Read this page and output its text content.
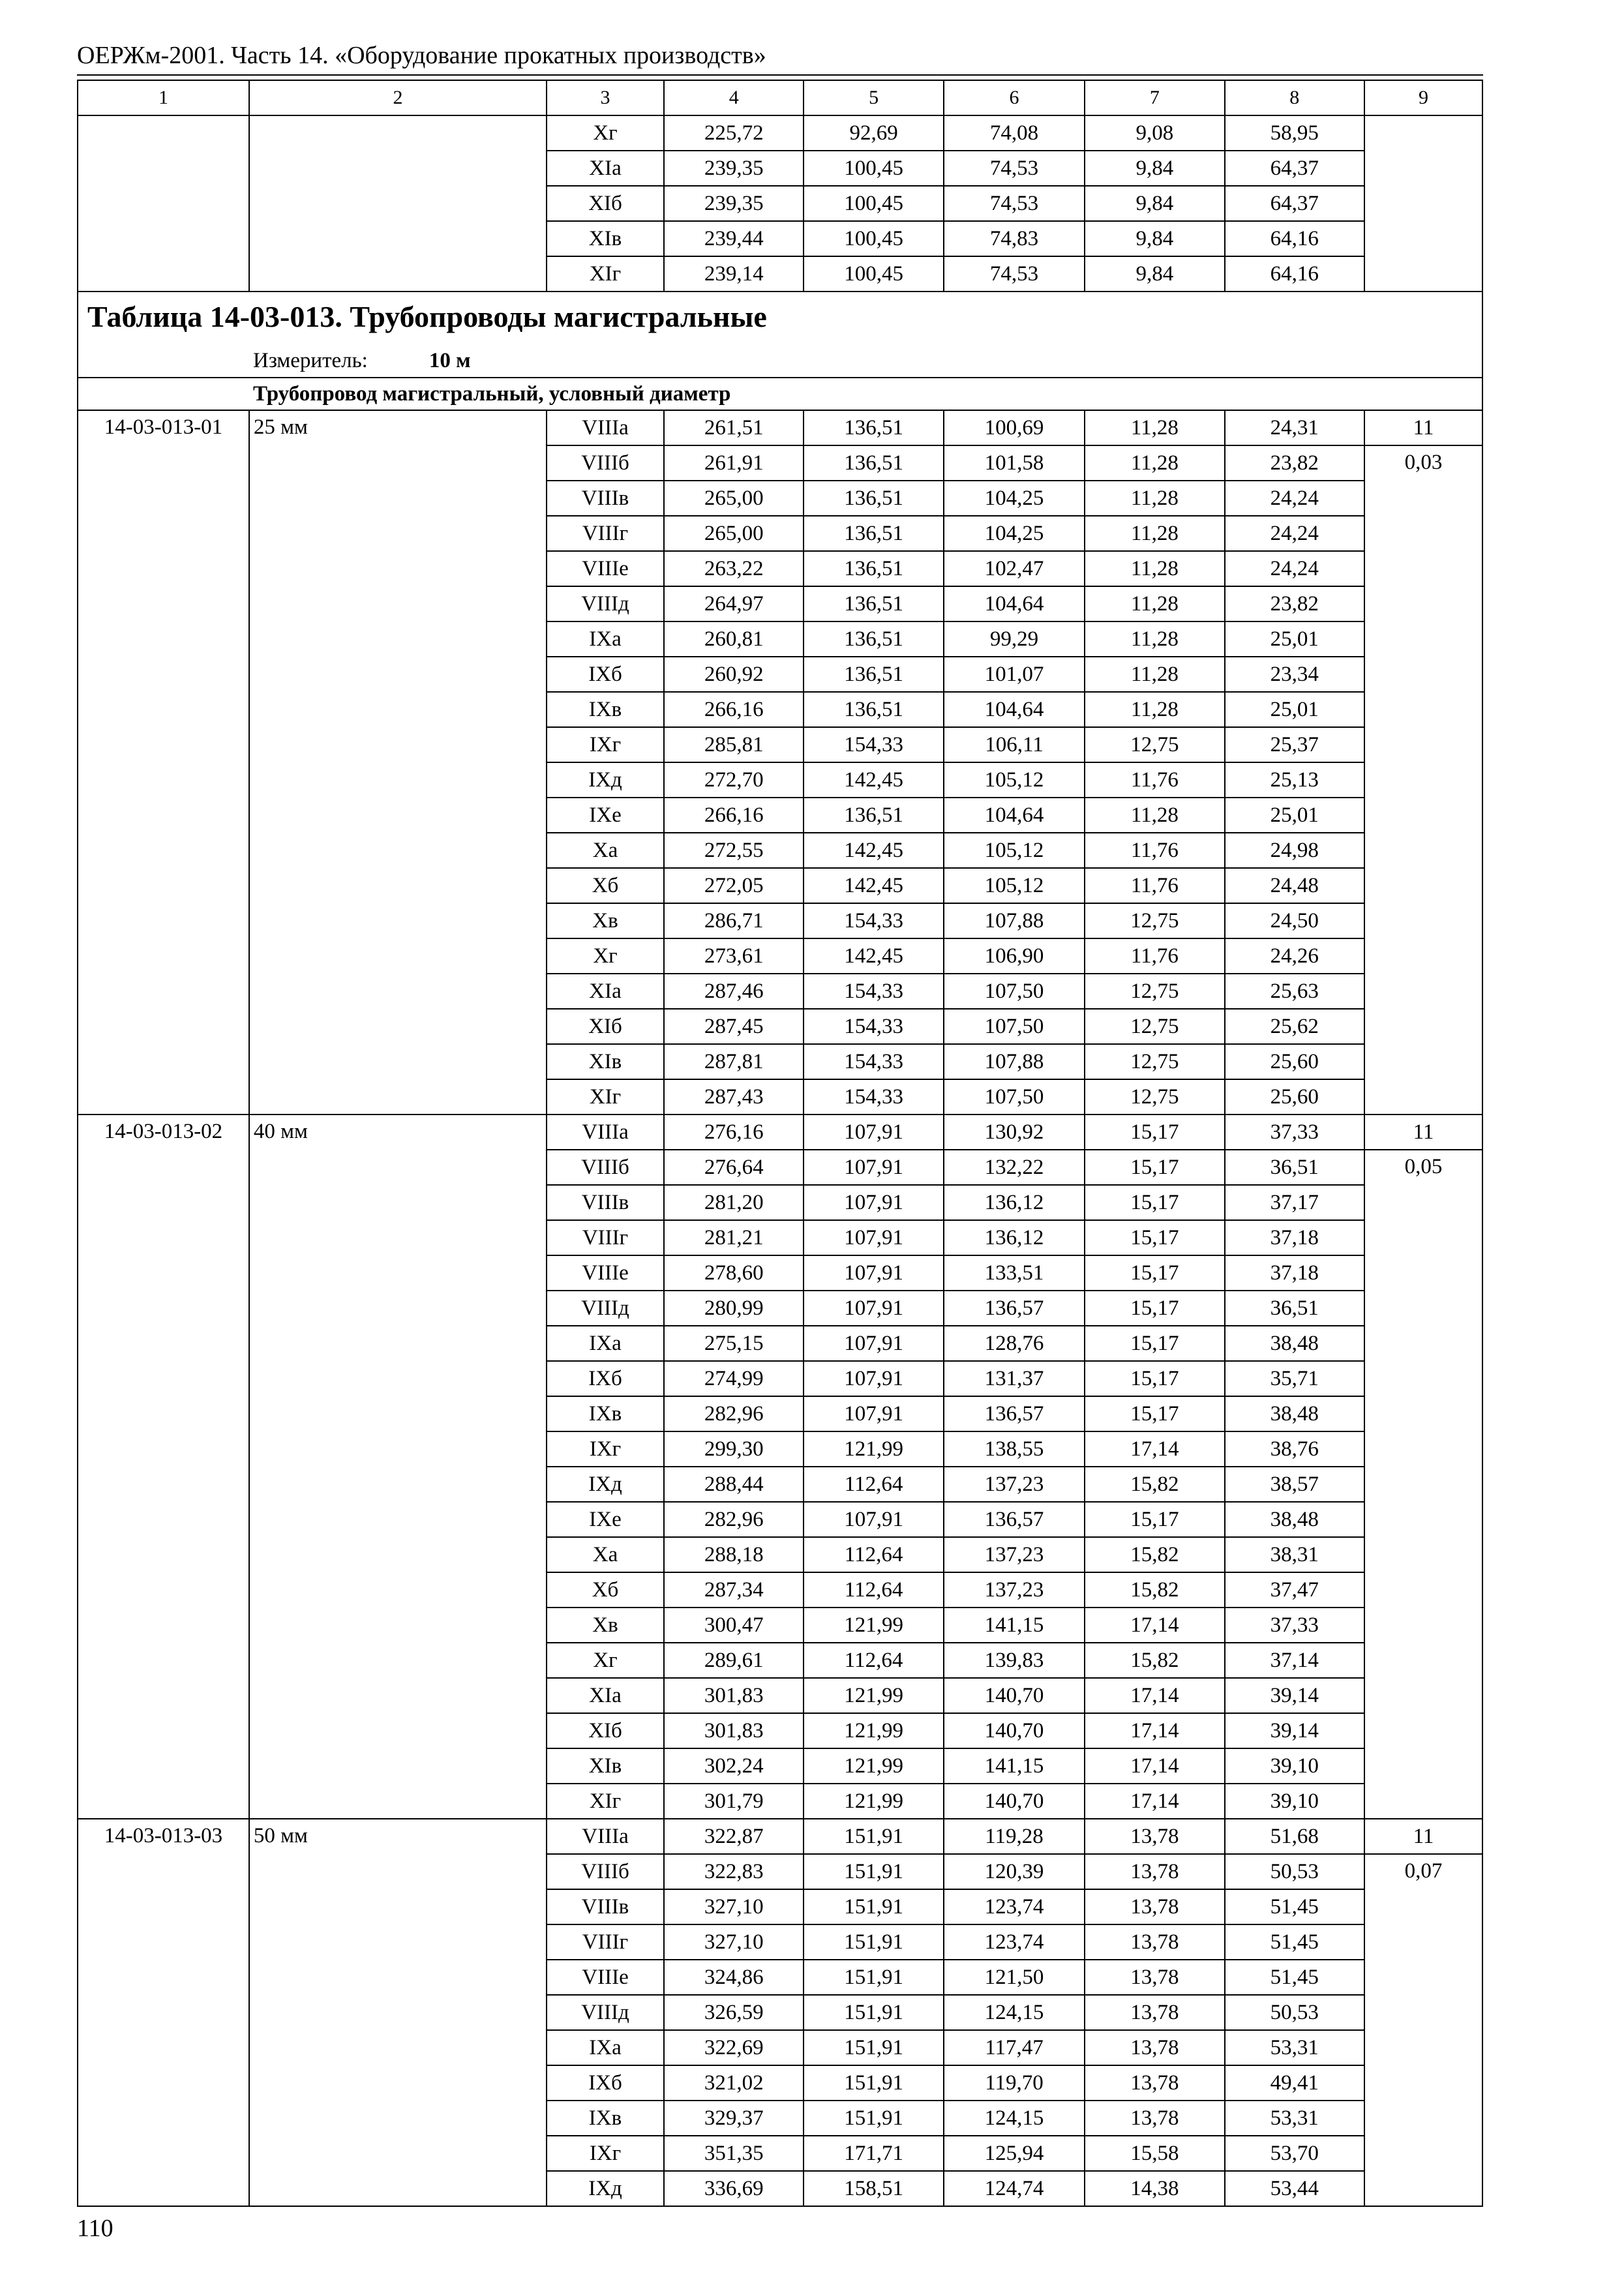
ОЕРЖм-2001. Часть 14. «Оборудование прокатных производств»
1	2	3	4	5	6	7	8	9
		Xг	225,72	92,69	74,08	9,08	58,95	
		XIa	239,35	100,45	74,53	9,84	64,37	
		XIб	239,35	100,45	74,53	9,84	64,37	
		XIв	239,44	100,45	74,83	9,84	64,16	
		XIг	239,14	100,45	74,53	9,84	64,16	
Таблица 14-03-013. Трубопроводы магистральные								
Измеритель: 10 м								
Трубопровод магистральный, условный диаметр								
14-03-013-01	25 мм	VIIIa	261,51	136,51	100,69	11,28	24,31	11
		VIIIб	261,91	136,51	101,58	11,28	23,82	0,03
		VIIIв	265,00	136,51	104,25	11,28	24,24	
		VIIIг	265,00	136,51	104,25	11,28	24,24	
		VIIIе	263,22	136,51	102,47	11,28	24,24	
		VIIIд	264,97	136,51	104,64	11,28	23,82	
		IXa	260,81	136,51	99,29	11,28	25,01	
		IXб	260,92	136,51	101,07	11,28	23,34	
		IXв	266,16	136,51	104,64	11,28	25,01	
		IXг	285,81	154,33	106,11	12,75	25,37	
		IXд	272,70	142,45	105,12	11,76	25,13	
		IXе	266,16	136,51	104,64	11,28	25,01	
		Xa	272,55	142,45	105,12	11,76	24,98	
		Xб	272,05	142,45	105,12	11,76	24,48	
		Xв	286,71	154,33	107,88	12,75	24,50	
		Xг	273,61	142,45	106,90	11,76	24,26	
		XIa	287,46	154,33	107,50	12,75	25,63	
		XIб	287,45	154,33	107,50	12,75	25,62	
		XIв	287,81	154,33	107,88	12,75	25,60	
		XIг	287,43	154,33	107,50	12,75	25,60	
14-03-013-02	40 мм	VIIIa	276,16	107,91	130,92	15,17	37,33	11
		VIIIб	276,64	107,91	132,22	15,17	36,51	0,05
		VIIIв	281,20	107,91	136,12	15,17	37,17	
		VIIIг	281,21	107,91	136,12	15,17	37,18	
		VIIIе	278,60	107,91	133,51	15,17	37,18	
		VIIIд	280,99	107,91	136,57	15,17	36,51	
		IXa	275,15	107,91	128,76	15,17	38,48	
		IXб	274,99	107,91	131,37	15,17	35,71	
		IXв	282,96	107,91	136,57	15,17	38,48	
		IXг	299,30	121,99	138,55	17,14	38,76	
		IXд	288,44	112,64	137,23	15,82	38,57	
		IXе	282,96	107,91	136,57	15,17	38,48	
		Xa	288,18	112,64	137,23	15,82	38,31	
		Xб	287,34	112,64	137,23	15,82	37,47	
		Xв	300,47	121,99	141,15	17,14	37,33	
		Xг	289,61	112,64	139,83	15,82	37,14	
		XIa	301,83	121,99	140,70	17,14	39,14	
		XIб	301,83	121,99	140,70	17,14	39,14	
		XIв	302,24	121,99	141,15	17,14	39,10	
		XIг	301,79	121,99	140,70	17,14	39,10	
14-03-013-03	50 мм	VIIIa	322,87	151,91	119,28	13,78	51,68	11
		VIIIб	322,83	151,91	120,39	13,78	50,53	0,07
		VIIIв	327,10	151,91	123,74	13,78	51,45	
		VIIIг	327,10	151,91	123,74	13,78	51,45	
		VIIIе	324,86	151,91	121,50	13,78	51,45	
		VIIIд	326,59	151,91	124,15	13,78	50,53	
		IXa	322,69	151,91	117,47	13,78	53,31	
		IXб	321,02	151,91	119,70	13,78	49,41	
		IXв	329,37	151,91	124,15	13,78	53,31	
		IXг	351,35	171,71	125,94	15,58	53,70	
		IXд	336,69	158,51	124,74	14,38	53,44	
110
